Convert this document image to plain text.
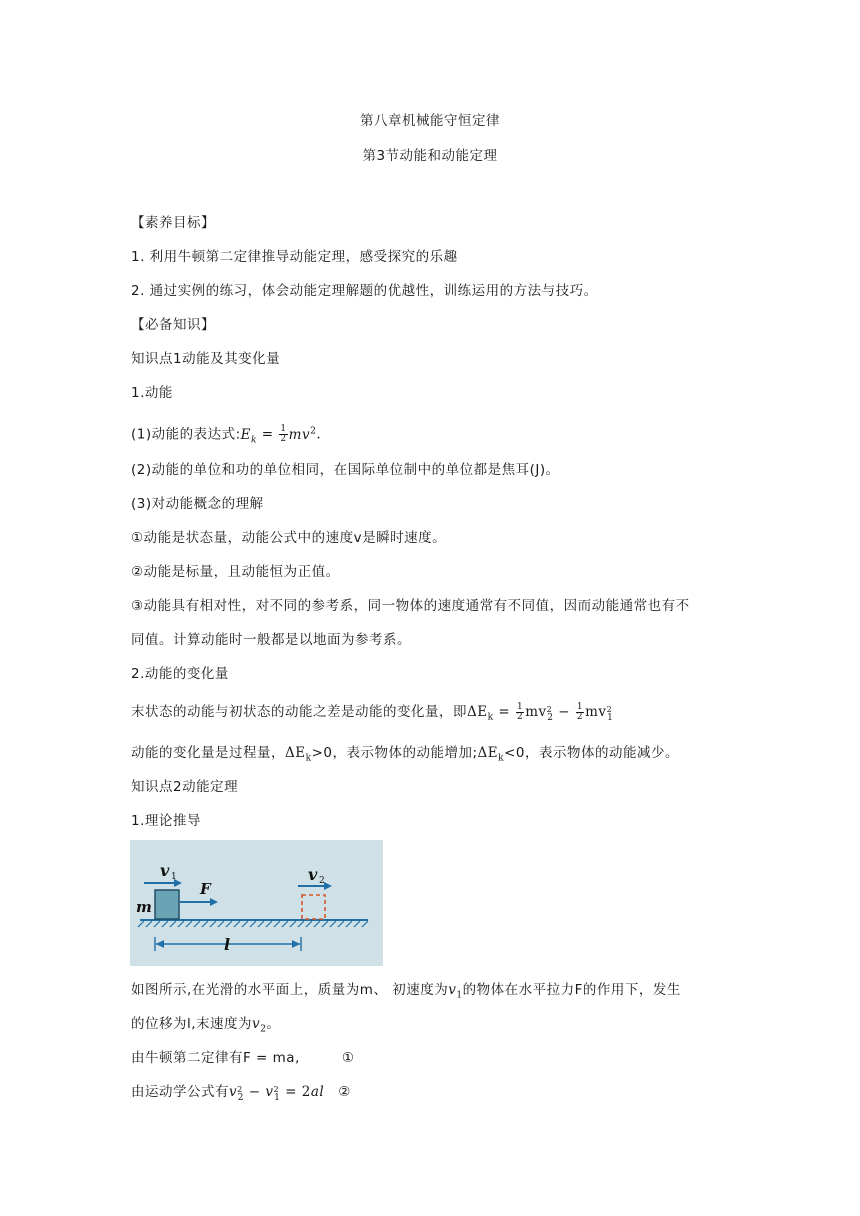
第八章机械能守恒定律
第3节动能和动能定理
【素养目标】
1. 利用牛顿第二定律推导动能定理，感受探究的乐趣
2. 通过实例的练习，体会动能定理解题的优越性，训练运用的方法与技巧。
【必备知识】
知识点1动能及其变化量
1.动能
(1)动能的表达式$:E_k = \frac{1}{2} mv^2$.
(2)动能的单位和功的单位相同，在国际单位制中的单位都是焦耳(J)。
(3)对动能概念的理解
①动能是状态量，动能公式中的速度v是瞬时速度。
②动能是标量，且动能恒为正值。
③动能具有相对性，对不同的参考系，同一物体的速度通常有不同值，因而动能通常也有不
同值。计算动能时一般都是以地面为参考系。
2.动能的变化量
末状态的动能与初状态的动能之差是动能的变化量，即$\Delta E_k = \frac{1}{2} mv_{22} - \frac{1}{2} mv_{21}$
动能的变化量是过程量，$\Delta E_k>0$，表示物体的动能增加$;\Delta E_k<0$，表示物体的动能减少。
知识点2动能定理
1.理论推导
v 1
F
m
v 2
l
如图所示,在光滑的水平面上，质量为m、 初速度为$v_1$的物体在水平拉力F的作用下，发生
的位移为l,末速度为$v_2$。
由牛顿第二定律有F = ma,	①
由运动学公式有$v_{22} - v_{21} = 2al$ ②
